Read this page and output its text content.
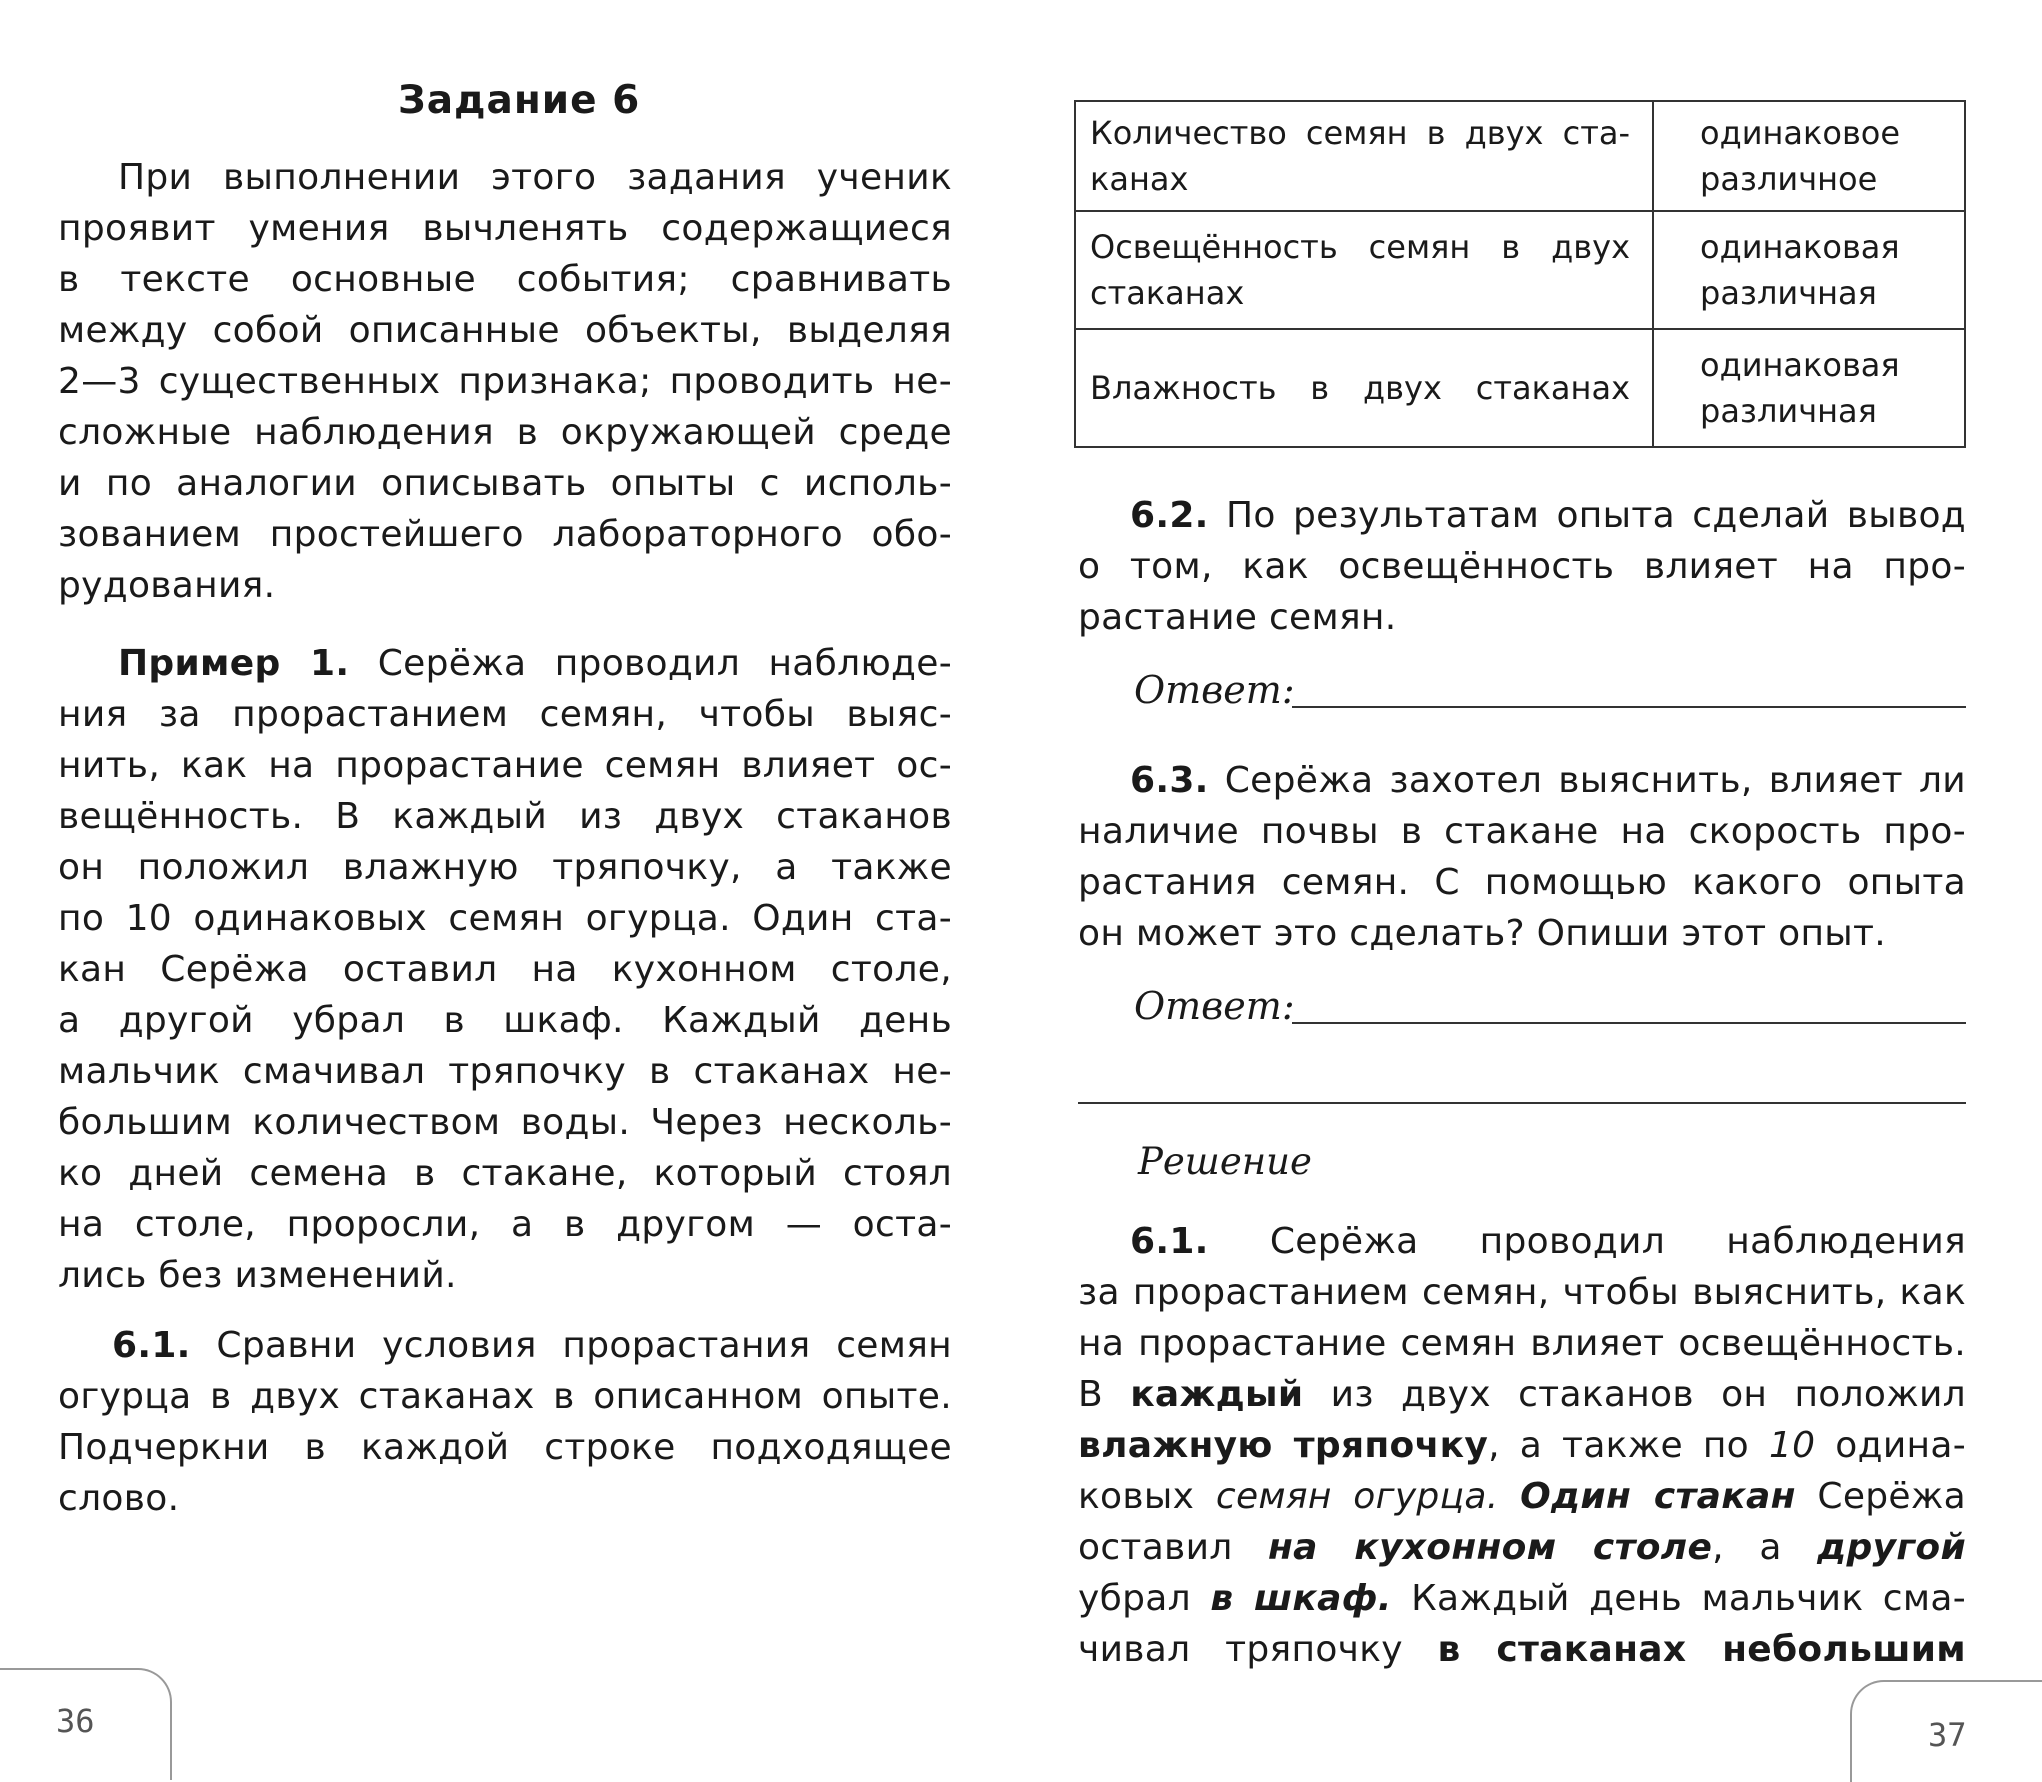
Задание 6
При выполнении этого задания ученик
проявит умения вычленять содержащиеся
в тексте основные события; сравнивать
между собой описанные объекты, выделяя
2—3 существенных признака; проводить не-
сложные наблюдения в окружающей среде
и по аналогии описывать опыты с исполь-
зованием простейшего лабораторного обо-
рудования.
Пример 1. Серёжа проводил наблюде-
ния за прорастанием семян, чтобы выяс-
нить, как на прорастание семян влияет ос-
вещённость. В каждый из двух стаканов
он положил влажную тряпочку, а также
по 10 одинаковых семян огурца. Один ста-
кан Серёжа оставил на кухонном столе,
а другой убрал в шкаф. Каждый день
мальчик смачивал тряпочку в стаканах не-
большим количеством воды. Через несколь-
ко дней семена в стакане, который стоял
на столе, проросли, а в другом — оста-
лись без изменений.
6.1. Сравни условия прорастания семян
огурца в двух стаканах в описанном опыте.
Подчеркни в каждой строке подходящее
слово.
36
Количество семян в двух ста-
канах	одинаковое
различное

Освещённость семян в двух
стаканах	одинаковая
различная

Влажность в двух стаканах	одинаковая
различная
6.2. По результатам опыта сделай вывод
о том, как освещённость влияет на про-
растание семян.
Ответ:
6.3. Серёжа захотел выяснить, влияет ли
наличие почвы в стакане на скорость про-
растания семян. С помощью какого опыта
он может это сделать? Опиши этот опыт.
Ответ:
Решение
6.1. Серёжа проводил наблюдения
за прорастанием семян, чтобы выяснить, как
на прорастание семян влияет освещённость.
В каждый из двух стаканов он положил
влажную тряпочку, а также по 10 одина-
ковых семян огурца. Один стакан Серёжа
оставил на кухонном столе, а другой
убрал в шкаф. Каждый день мальчик сма-
чивал тряпочку в стаканах небольшим
37
